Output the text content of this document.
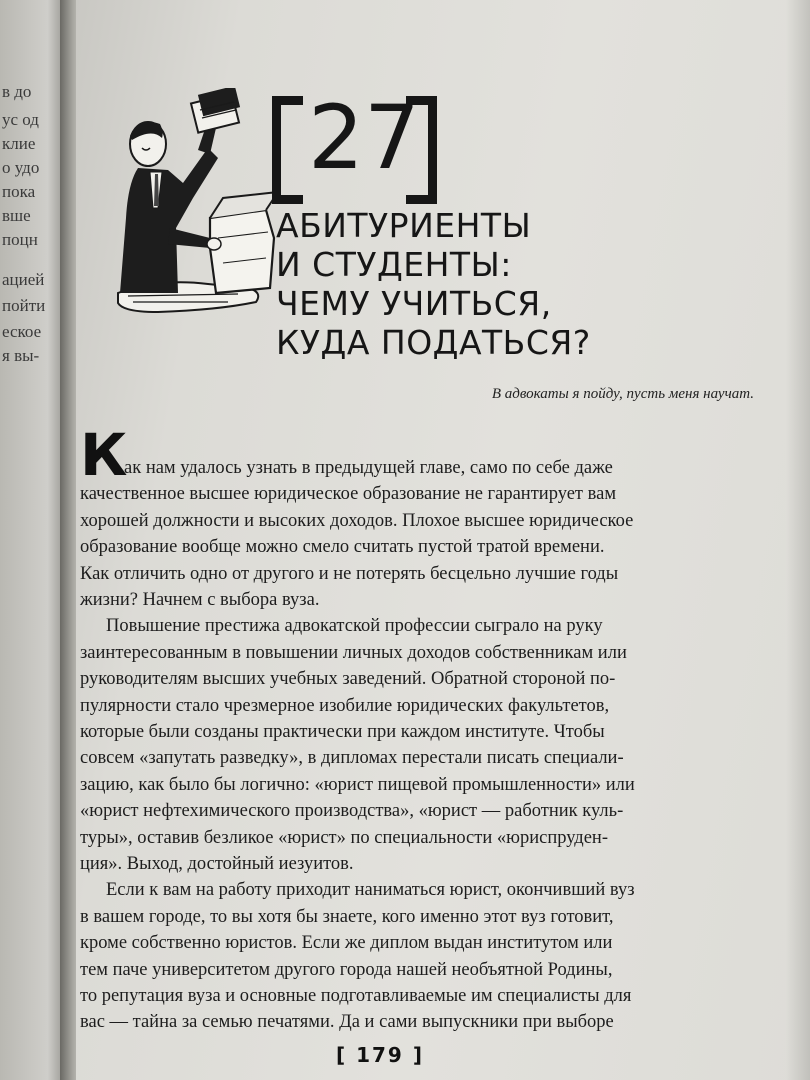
в до
ус од
клие
о удо
пока
вше
поцн
ацией
пойти
еское
я вы-
27
АБИТУРИЕНТЫ
И СТУДЕНТЫ:
ЧЕМУ УЧИТЬСЯ,
КУДА ПОДАТЬСЯ?
В адвокаты я пойду, пусть меня научат.
К
ак нам удалось узнать в предыдущей главе, само по себе даже
качественное высшее юридическое образование не гарантирует вам
хорошей должности и высоких доходов. Плохое высшее юридическое
образование вообще можно смело считать пустой тратой времени.
Как отличить одно от другого и не потерять бесцельно лучшие годы
жизни? Начнем с выбора вуза.
Повышение престижа адвокатской профессии сыграло на руку
заинтересованным в повышении личных доходов собственникам или
руководителям высших учебных заведений. Обратной стороной по-
пулярности стало чрезмерное изобилие юридических факультетов,
которые были созданы практически при каждом институте. Чтобы
совсем «запутать разведку», в дипломах перестали писать специали-
зацию, как было бы логично: «юрист пищевой промышленности» или
«юрист нефтехимического производства», «юрист — работник куль-
туры», оставив безликое «юрист» по специальности «юриспруден-
ция». Выход, достойный иезуитов.
Если к вам на работу приходит наниматься юрист, окончивший вуз
в вашем городе, то вы хотя бы знаете, кого именно этот вуз готовит,
кроме собственно юристов. Если же диплом выдан институтом или
тем паче университетом другого города нашей необъятной Родины,
то репутация вуза и основные подготавливаемые им специалисты для
вас — тайна за семью печатями. Да и сами выпускники при выборе
[ 179 ]
